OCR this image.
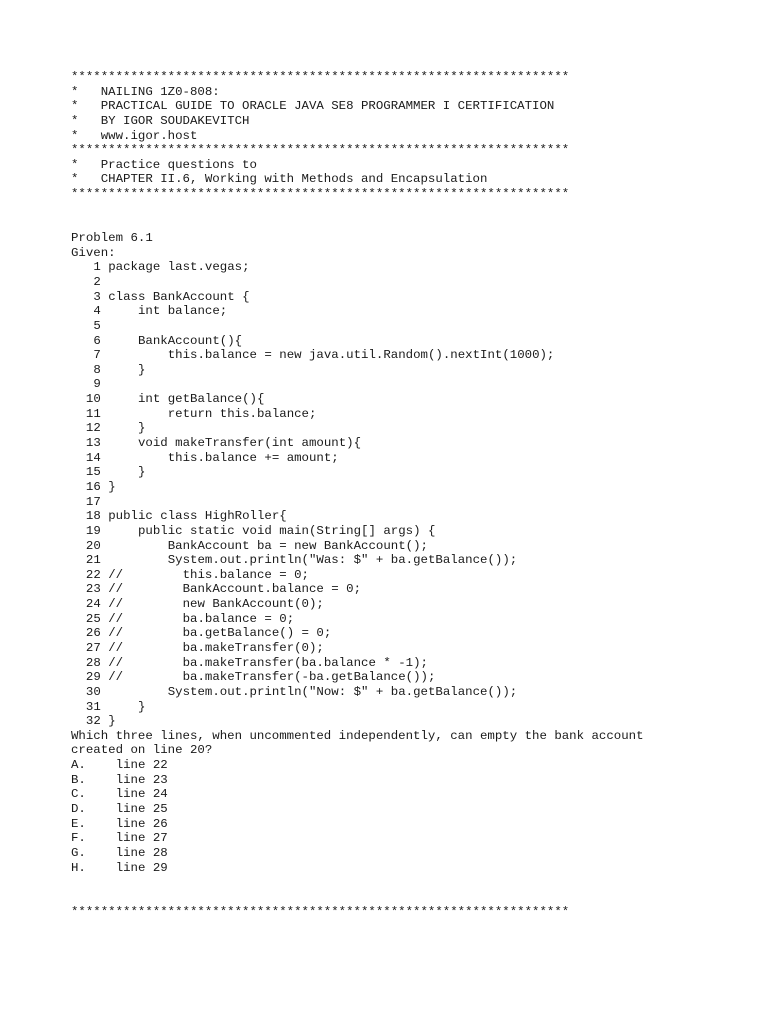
*******************************************************************
*   NAILING 1Z0-808:
*   PRACTICAL GUIDE TO ORACLE JAVA SE8 PROGRAMMER I CERTIFICATION
*   BY IGOR SOUDAKEVITCH
*   www.igor.host
*******************************************************************
*   Practice questions to
*   CHAPTER II.6, Working with Methods and Encapsulation
*******************************************************************
Problem 6.1
Given:
1 package last.vegas;
2
3 class BankAccount {
4    int balance;
5
6    BankAccount(){
7        this.balance = new java.util.Random().nextInt(1000);
8    }
9
10    int getBalance(){
11        return this.balance;
12    }
13    void makeTransfer(int amount){
14        this.balance += amount;
15    }
16 }
17
18 public class HighRoller{
19    public static void main(String[] args) {
20        BankAccount ba = new BankAccount();
21        System.out.println("Was: $" + ba.getBalance());
22 //        this.balance = 0;
23 //        BankAccount.balance = 0;
24 //        new BankAccount(0);
25 //        ba.balance = 0;
26 //        ba.getBalance() = 0;
27 //        ba.makeTransfer(0);
28 //        ba.makeTransfer(ba.balance * -1);
29 //        ba.makeTransfer(-ba.getBalance());
30        System.out.println("Now: $" + ba.getBalance());
31    }
32 }
Which three lines, when uncommented independently, can empty the bank account
created on line 20?
A. line 22
B. line 23
C. line 24
D. line 25
E. line 26
F. line 27
G. line 28
H. line 29
*******************************************************************
